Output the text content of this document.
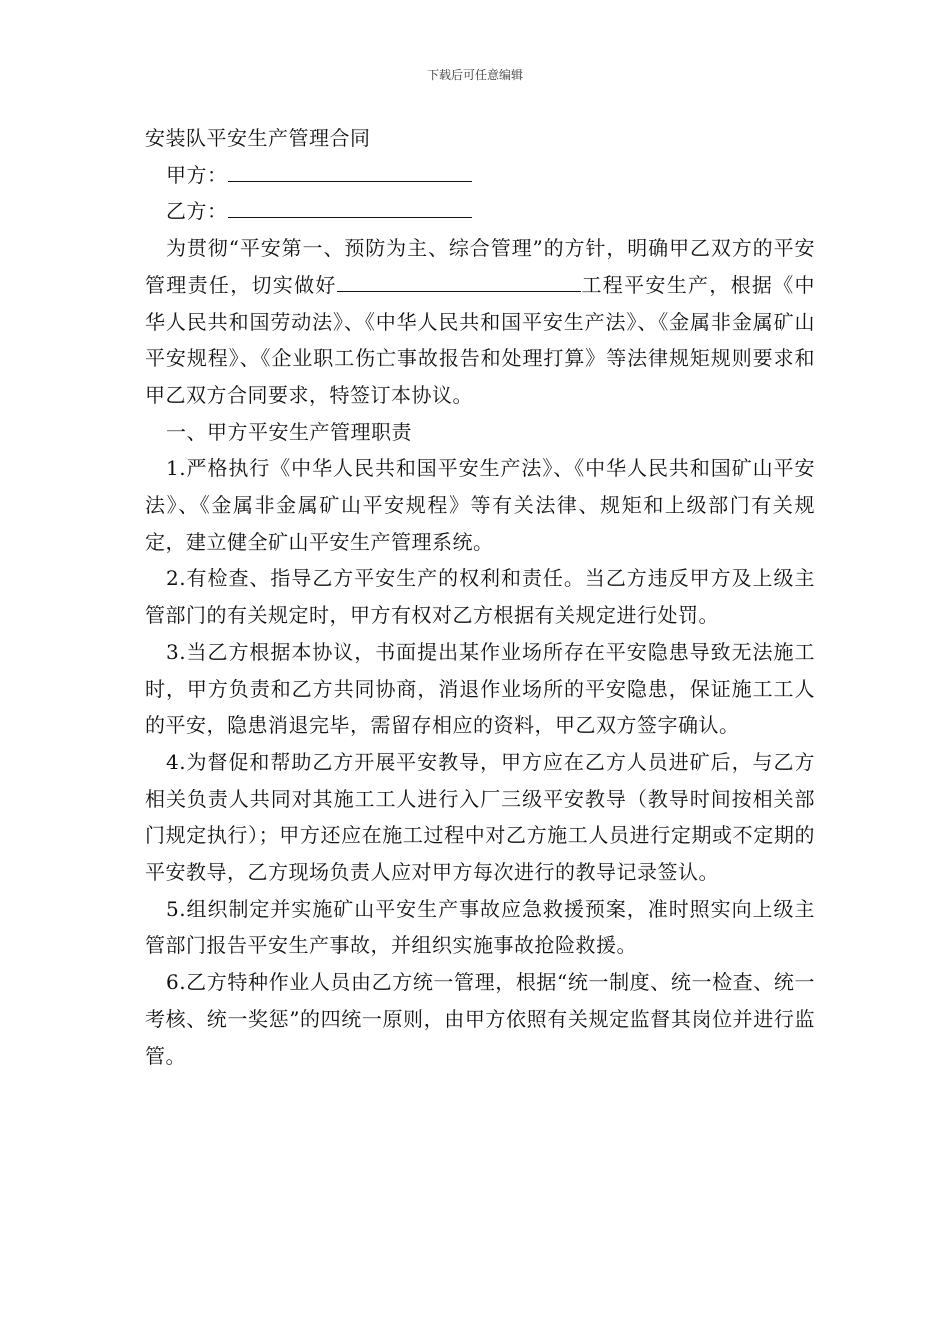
下载后可任意编辑

安装队平安生产管理合同

甲方：

乙方：

为贯彻“平安第一、预防为主、综合管理”的方针，明确甲乙双方的平安管理责任，切实做好	工程平安生产，根据《中华人民共和国劳动法》、《中华人民共和国平安生产法》、《金属非金属矿山平安规程》、《企业职工伤亡事故报告和处理打算》等法律规矩规则要求和甲乙双方合同要求，特签订本协议。

一、甲方平安生产管理职责

1.严格执行《中华人民共和国平安生产法》、《中华人民共和国矿山平安法》、《金属非金属矿山平安规程》等有关法律、规矩和上级部门有关规定，建立健全矿山平安生产管理系统。

2.有检查、指导乙方平安生产的权利和责任。当乙方违反甲方及上级主管部门的有关规定时，甲方有权对乙方根据有关规定进行处罚。

3.当乙方根据本协议，书面提出某作业场所存在平安隐患导致无法施工时，甲方负责和乙方共同协商，消退作业场所的平安隐患，保证施工工人的平安，隐患消退完毕，需留存相应的资料，甲乙双方签字确认。

4.为督促和帮助乙方开展平安教导，甲方应在乙方人员进矿后，与乙方相关负责人共同对其施工工人进行入厂三级平安教导（教导时间按相关部门规定执行）；甲方还应在施工过程中对乙方施工人员进行定期或不定期的平安教导，乙方现场负责人应对甲方每次进行的教导记录签认。

5.组织制定并实施矿山平安生产事故应急救援预案，准时照实向上级主管部门报告平安生产事故，并组织实施事故抢险救援。

6.乙方特种作业人员由乙方统一管理，根据“统一制度、统一检查、统一考核、统一奖惩”的四统一原则，由甲方依照有关规定监督其岗位并进行监管。
